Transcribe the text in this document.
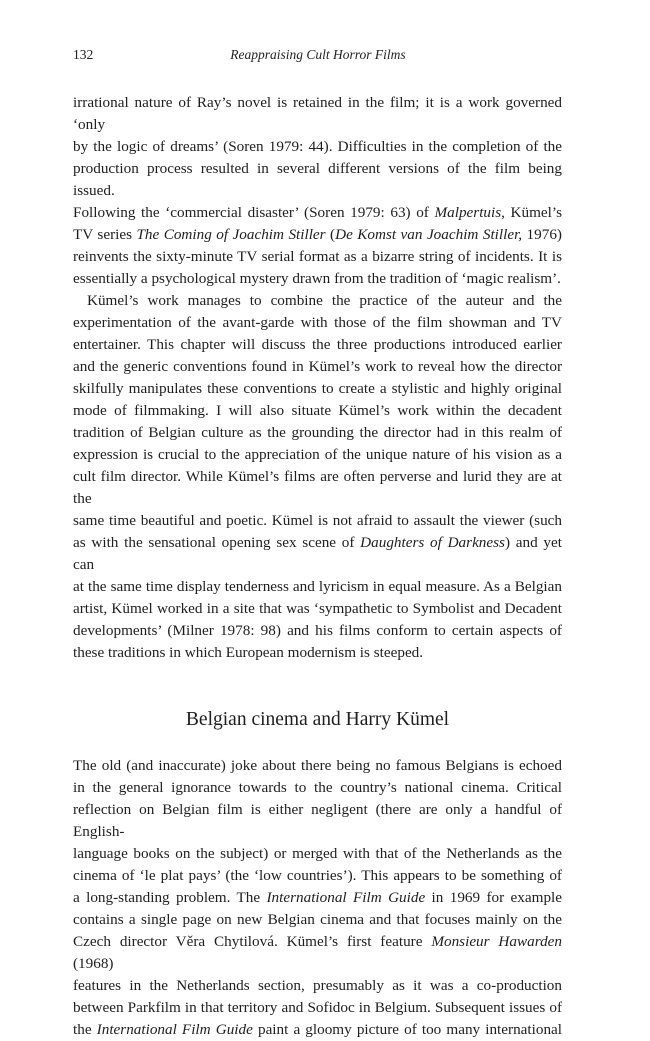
132	Reappraising Cult Horror Films

irrational nature of Ray’s novel is retained in the film; it is a work governed ‘only

by the logic of dreams’ (Soren 1979: 44). Difficulties in the completion of the

production process resulted in several different versions of the film being issued.

Following the ‘commercial disaster’ (Soren 1979: 63) of Malpertuis, Kümel’s

TV series The Coming of Joachim Stiller (De Komst van Joachim Stiller, 1976)

reinvents the sixty-minute TV serial format as a bizarre string of incidents. It is

essentially a psychological mystery drawn from the tradition of ‘magic realism’.

Kümel’s work manages to combine the practice of the auteur and the

experimentation of the avant-garde with those of the film showman and TV

entertainer. This chapter will discuss the three productions introduced earlier

and the generic conventions found in Kümel’s work to reveal how the director

skilfully manipulates these conventions to create a stylistic and highly original

mode of filmmaking. I will also situate Kümel’s work within the decadent

tradition of Belgian culture as the grounding the director had in this realm of

expression is crucial to the appreciation of the unique nature of his vision as a

cult film director. While Kümel’s films are often perverse and lurid they are at the

same time beautiful and poetic. Kümel is not afraid to assault the viewer (such

as with the sensational opening sex scene of Daughters of Darkness) and yet can

at the same time display tenderness and lyricism in equal measure. As a Belgian

artist, Kümel worked in a site that was ‘sympathetic to Symbolist and Decadent

developments’ (Milner 1978: 98) and his films conform to certain aspects of

these traditions in which European modernism is steeped.

Belgian cinema and Harry Kümel

The old (and inaccurate) joke about there being no famous Belgians is echoed

in the general ignorance towards to the country’s national cinema. Critical

reflection on Belgian film is either negligent (there are only a handful of English-

language books on the subject) or merged with that of the Netherlands as the

cinema of ‘le plat pays’ (the ‘low countries’). This appears to be something of

a long-standing problem. The International Film Guide in 1969 for example

contains a single page on new Belgian cinema and that focuses mainly on the

Czech director Věra Chytilová. Kümel’s first feature Monsieur Hawarden (1968)

features in the Netherlands section, presumably as it was a co-production

between Parkfilm in that territory and Sofidoc in Belgium. Subsequent issues of

the International Film Guide paint a gloomy picture of too many international
